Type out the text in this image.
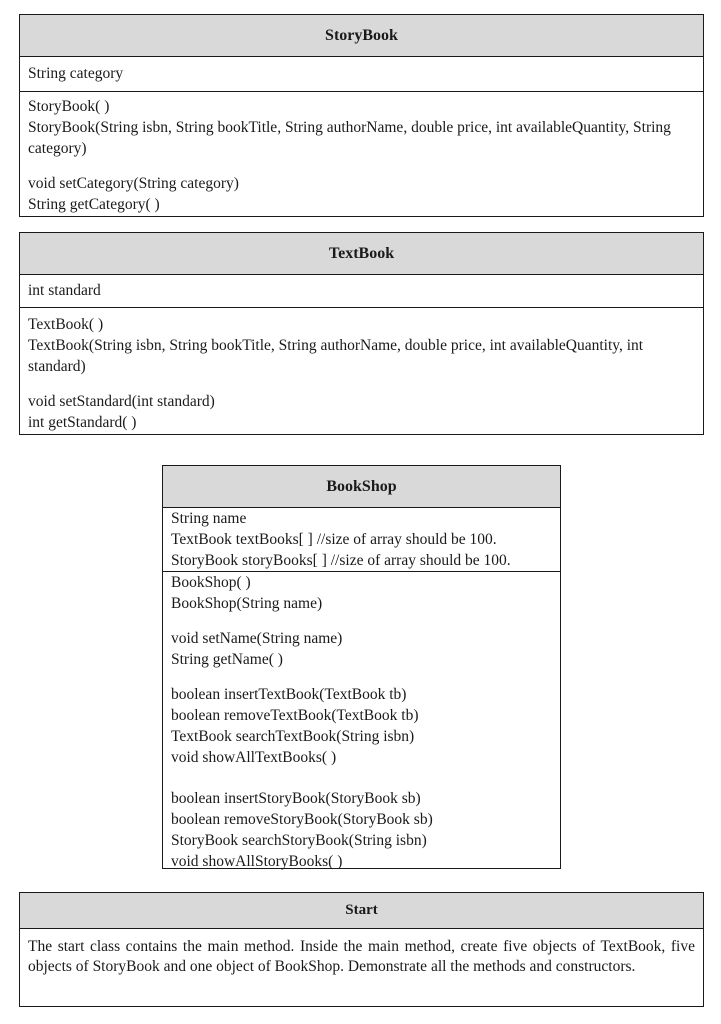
StoryBook
String category
StoryBook( )
StoryBook(String isbn, String bookTitle, String authorName, double price, int availableQuantity, String category)
void setCategory(String category)
String getCategory( )
TextBook
int standard
TextBook( )
TextBook(String isbn, String bookTitle, String authorName, double price, int availableQuantity, int standard)
void setStandard(int standard)
int getStandard( )
BookShop
String name
TextBook textBooks[ ] //size of array should be 100.
StoryBook storyBooks[ ] //size of array should be 100.
BookShop( )
BookShop(String name)
void setName(String name)
String getName( )
boolean insertTextBook(TextBook tb)
boolean removeTextBook(TextBook tb)
TextBook searchTextBook(String isbn)
void showAllTextBooks( )
boolean insertStoryBook(StoryBook sb)
boolean removeStoryBook(StoryBook sb)
StoryBook searchStoryBook(String isbn)
void showAllStoryBooks( )
Start
The start class contains the main method. Inside the main method, create five objects of TextBook, five objects of StoryBook and one object of BookShop. Demonstrate all the methods and constructors.
